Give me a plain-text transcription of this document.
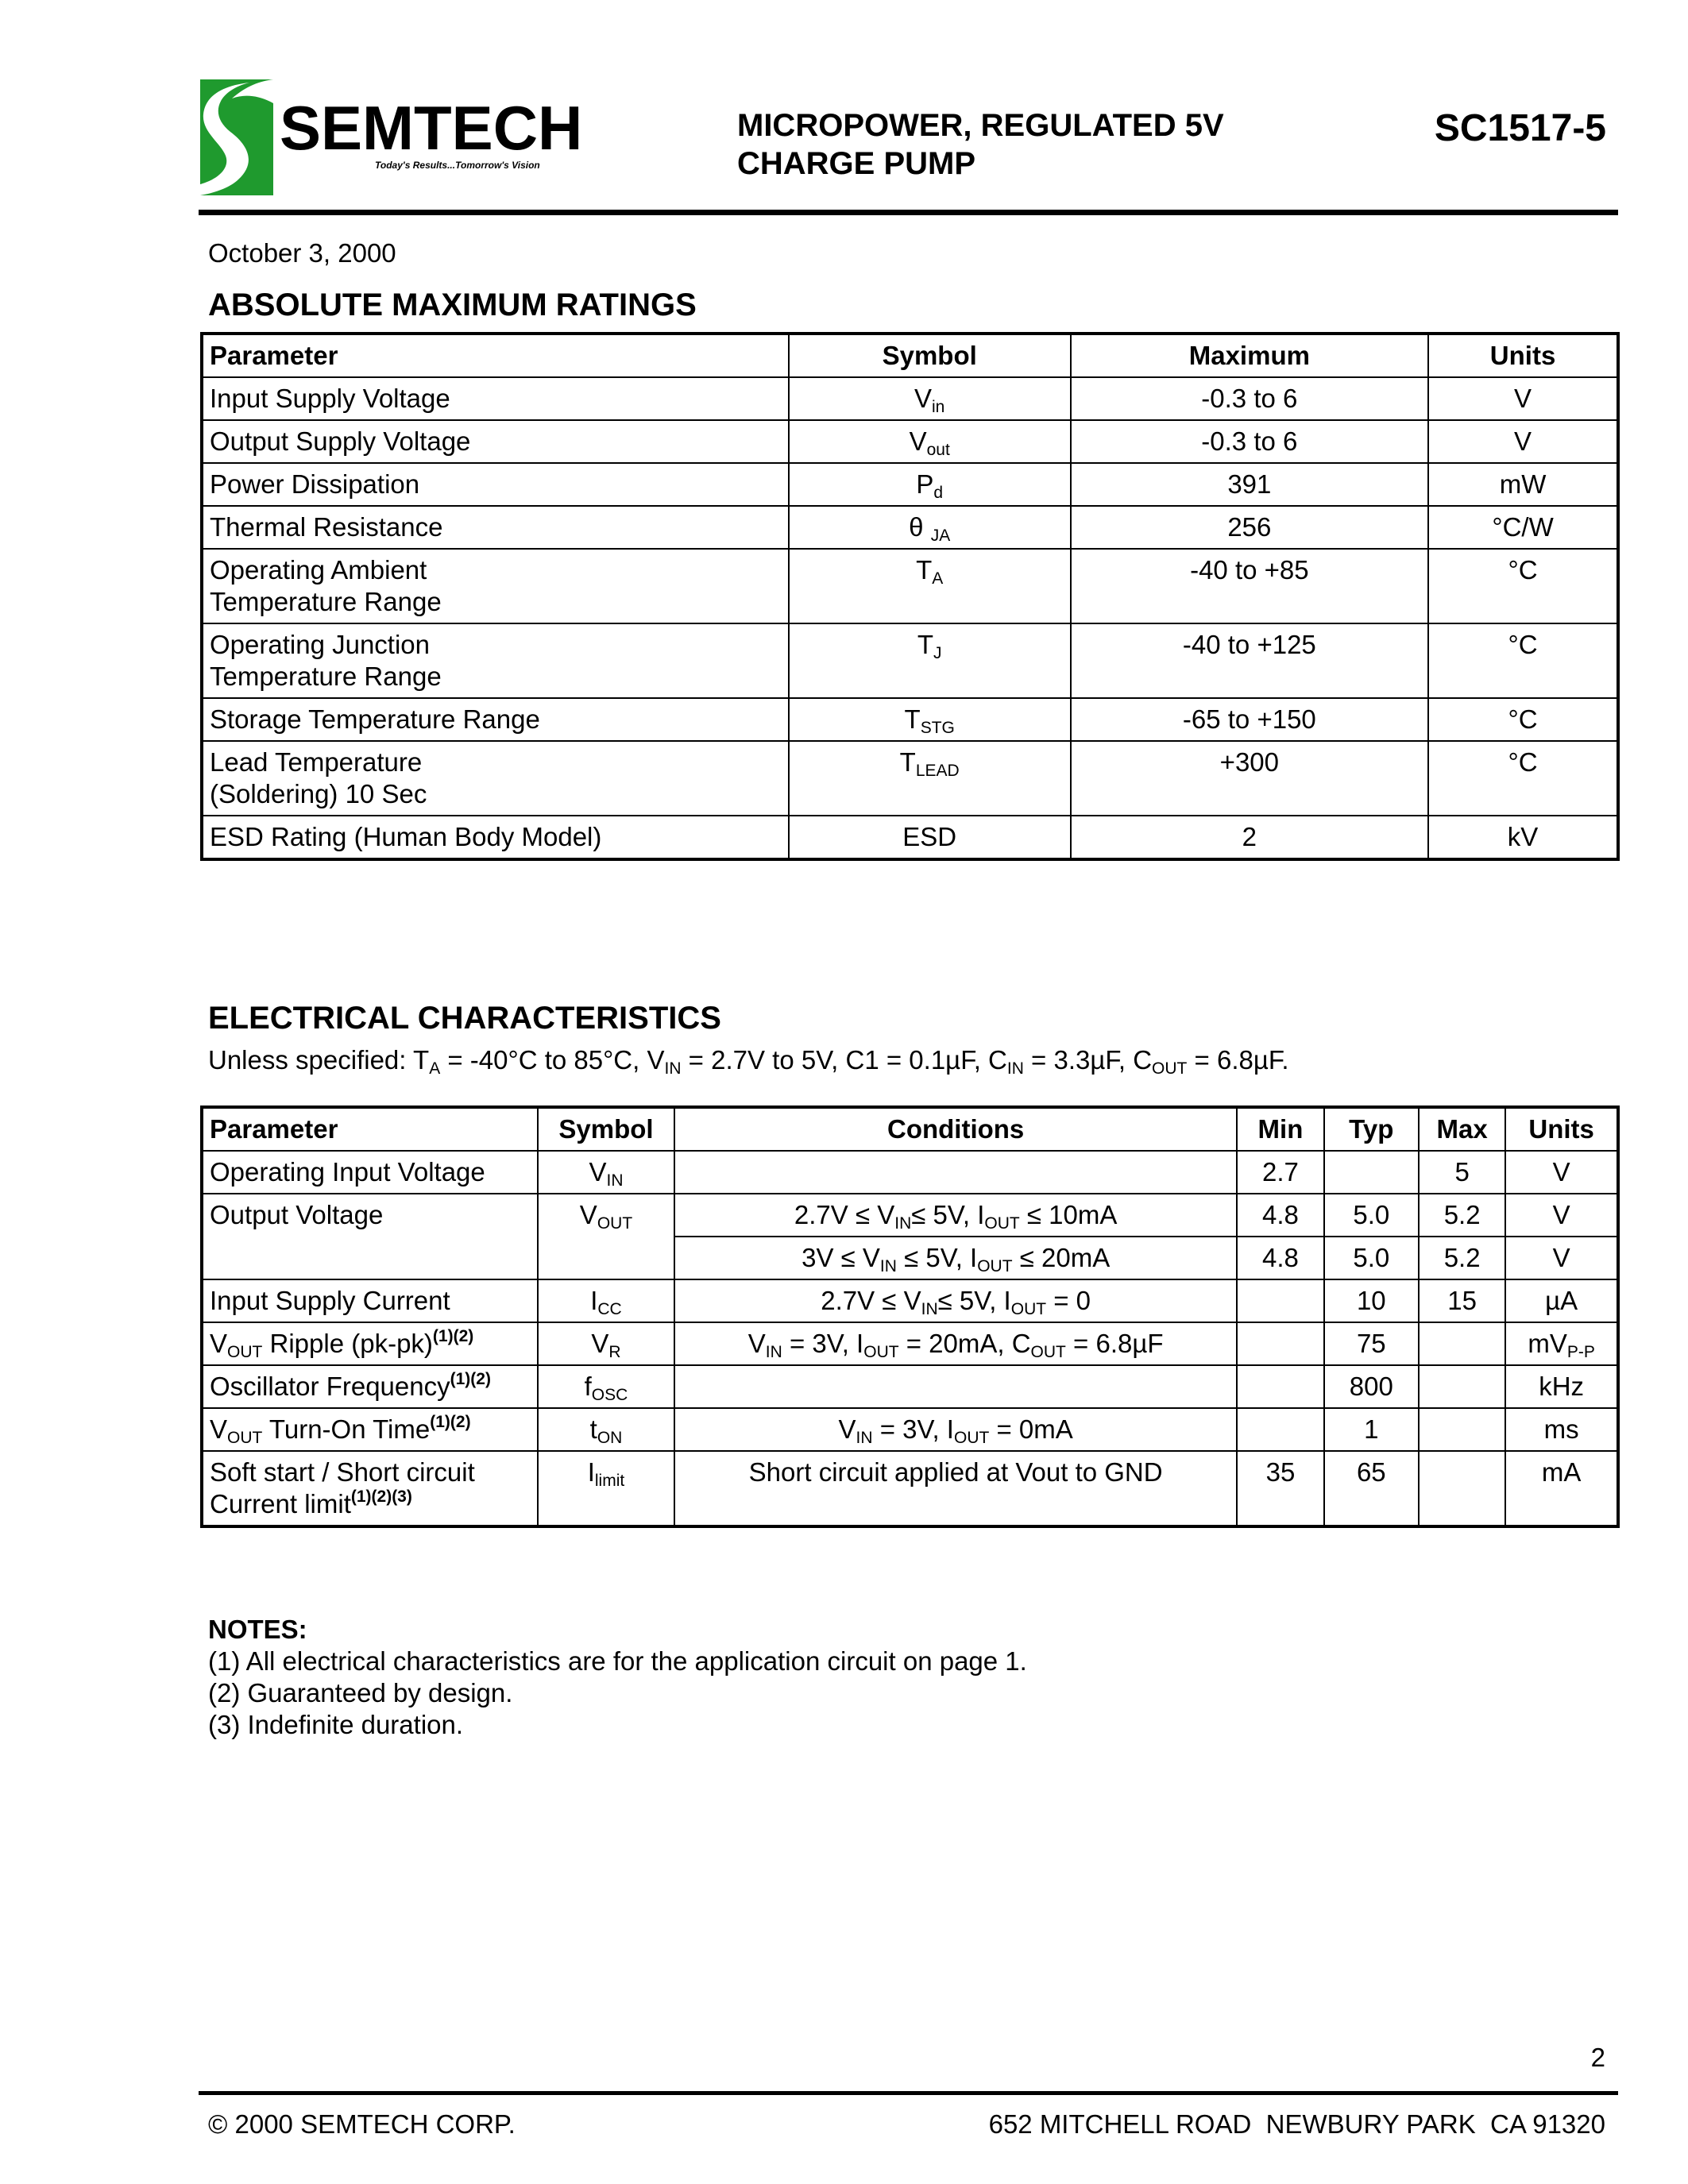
SEMTECH
Today's Results...Tomorrow's Vision
MICROPOWER, REGULATED 5V
CHARGE PUMP
SC1517-5
October 3, 2000
ABSOLUTE MAXIMUM RATINGS
Parameter	Symbol	Maximum	Units
Input Supply Voltage	$V_{in}$	-0.3 to 6	V
Output Supply Voltage	$V_{out}$	-0.3 to 6	V
Power Dissipation	$P_d$	391	mW
Thermal Resistance	θ $_{JA}$	256	°C/W
Operating Ambient
Temperature Range	$T_A$	-40 to +85	°C
Operating Junction
Temperature Range	$T_J$	-40 to +125	°C
Storage Temperature Range	$T_{STG}$	-65 to +150	°C
Lead Temperature
(Soldering) 10 Sec	$T_{LEAD}$	+300	°C
ESD Rating (Human Body Model)	ESD	2	kV
ELECTRICAL CHARACTERISTICS
Unless specified: $T_A = -40^\circ C$ to 85°C, $V_{IN} = 2.7V$ to 5V, C1 = 0.1µF, $C_{IN} = 3.3\mu F$, $C_{OUT} = 6.8\mu F$.
Parameter	Symbol	Conditions	Min	Typ	Max	Units
Operating Input Voltage	$V_{IN}$		2.7		5	V
Output Voltage	$V_{OUT}$	$2.7V \le V_{IN}\le 5V$, $I_{OUT} \le 10mA$	4.8	5.0	5.2	V
		$3V \le V_{IN} \le 5V$, $I_{OUT} \le 20mA$	4.8	5.0	5.2	V
Input Supply Current	$I_{CC}$	$2.7V \le V_{IN}\le 5V$, $I_{OUT} = 0$		10	15	µA
$V_{OUT}$ Ripple $(pk-pk)^{(1)(2)}$	$V_R$	$V_{IN} = 3V$, $I_{OUT} = 20mA$, $C_{OUT} = 6.8\mu F$		75		$mV_{P-P}$
Oscillator Frequency$^{(1)(2)}$	$f_{OSC}$			800		kHz
$V_{OUT}$ Turn-On Time$^{(1)(2)}$	$t_{ON}$	$V_{IN} = 3V$, $I_{OUT} = 0mA$		1		ms
Soft start / Short circuit
Current limit$^{(1)(2)(3)}$	$I_{limit}$	Short circuit applied at Vout to GND	35	65		mA
NOTES:
(1) All electrical characteristics are for the application circuit on page 1.
(2) Guaranteed by design.
(3) Indefinite duration.
2
© 2000 SEMTECH CORP.	652 MITCHELL ROAD  NEWBURY PARK  CA 91320
